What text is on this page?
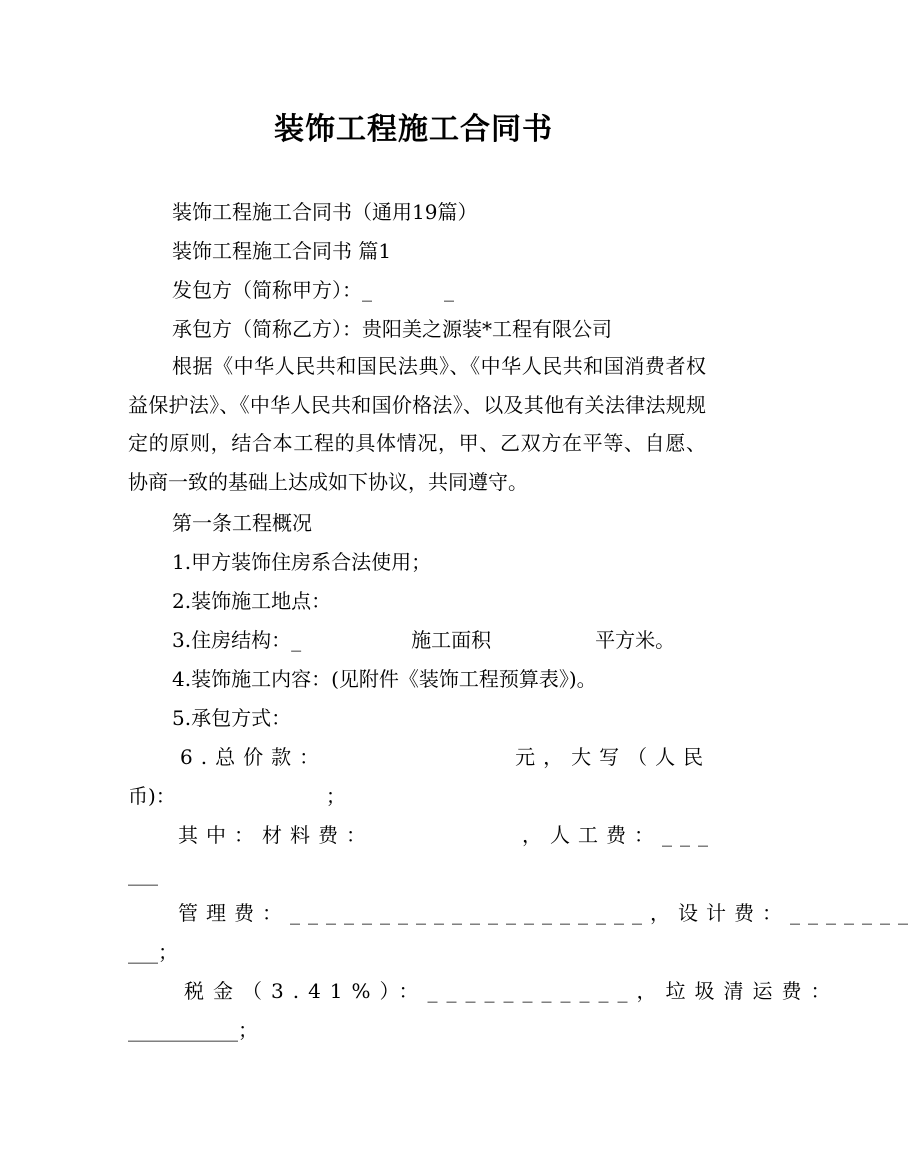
装饰工程施工合同书
装饰工程施工合同书（通用19篇）
装饰工程施工合同书 篇1
发包方（简称甲方）：_	_
承包方（简称乙方）：贵阳美之源装*工程有限公司
根据《中华人民共和国民法典》、《中华人民共和国消费者权益保护法》、《中华人民共和国价格法》、以及其他有关法律法规规定的原则，结合本工程的具体情况，甲、乙双方在平等、自愿、协商一致的基础上达成如下协议，共同遵守。
第一条工程概况
1.甲方装饰住房系合法使用；
2.装饰施工地点：
3.住房结构：_	施工面积	平方米。
4.装饰施工内容：(见附件《装饰工程预算表》)。
5.承包方式：
6.总价款：	元，大写（人民
币)：	；
其中：材料费：	，人工费：___
___
管理费：____________________，设计费：_______
___；
税金（3.41%）：___________，垃圾清运费：
___________；
